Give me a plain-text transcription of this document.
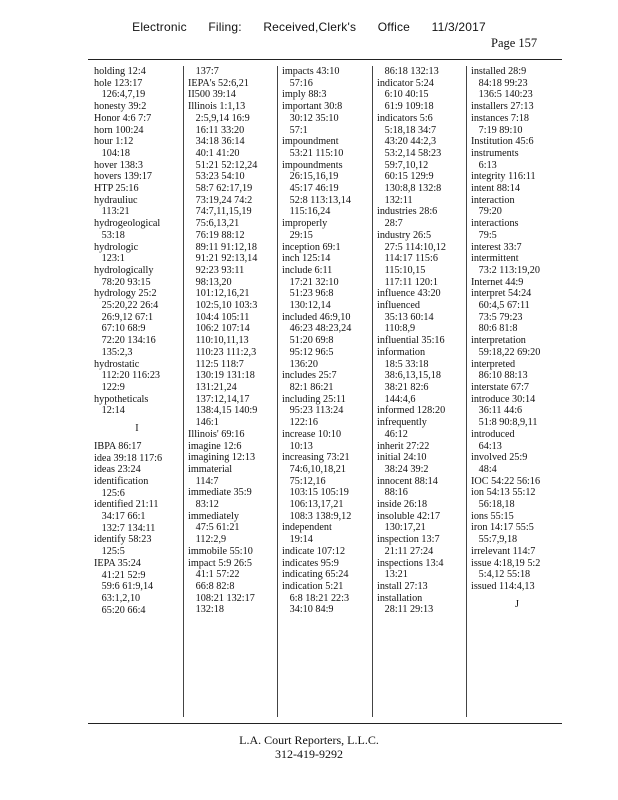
Electronic Filing: Received,Clerk's Office 11/3/2017
Page 157
holding 12:4
hole 123:17
126:4,7,19
honesty 39:2
Honor 4:6 7:7
horn 100:24
hour 1:12
104:18
hover 138:3
hovers 139:17
HTP 25:16
hydrauliuc
113:21
hydrogeological
53:18
hydrologic
123:1
hydrologically
78:20 93:15
hydrology 25:2
25:20,22 26:4
26:9,12 67:1
67:10 68:9
72:20 134:16
135:2,3
hydrostatic
112:20 116:23
122:9
hypotheticals
12:14
I
IBPA 86:17
idea 39:18 117:6
ideas 23:24
identification
125:6
identified 21:11
34:17 66:1
132:7 134:11
identify 58:23
125:5
IEPA 35:24
41:21 52:9
59:6 61:9,14
63:1,2,10
65:20 66:4
137:7
IEPA's 52:6,21
II500 39:14
Illinois 1:1,13
2:5,9,14 16:9
16:11 33:20
34:18 36:14
40:1 41:20
51:21 52:12,24
53:23 54:10
58:7 62:17,19
73:19,24 74:2
74:7,11,15,19
75:6,13,21
76:19 88:12
89:11 91:12,18
91:21 92:13,14
92:23 93:11
98:13,20
101:12,16,21
102:5,10 103:3
104:4 105:11
106:2 107:14
110:10,11,13
110:23 111:2,3
112:5 118:7
130:19 131:18
131:21,24
137:12,14,17
138:4,15 140:9
146:1
Illinois' 69:16
imagine 12:6
imagining 12:13
immaterial
114:7
immediate 35:9
83:12
immediately
47:5 61:21
112:2,9
immobile 55:10
impact 5:9 26:5
41:1 57:22
66:8 82:8
108:21 132:17
132:18
impacts 43:10
57:16
imply 88:3
important 30:8
30:12 35:10
57:1
impoundment
53:21 115:10
impoundments
26:15,16,19
45:17 46:19
52:8 113:13,14
115:16,24
improperly
29:15
inception 69:1
inch 125:14
include 6:11
17:21 32:10
51:23 96:8
130:12,14
included 46:9,10
46:23 48:23,24
51:20 69:8
95:12 96:5
136:20
includes 25:7
82:1 86:21
including 25:11
95:23 113:24
122:16
increase 10:10
10:13
increasing 73:21
74:6,10,18,21
75:12,16
103:15 105:19
106:13,17,21
108:3 138:9,12
independent
19:14
indicate 107:12
indicates 95:9
indicating 65:24
indication 5:21
6:8 18:21 22:3
34:10 84:9
86:18 132:13
indicator 5:24
6:10 40:15
61:9 109:18
indicators 5:6
5:18,18 34:7
43:20 44:2,3
53:2,14 58:23
59:7,10,12
60:15 129:9
130:8,8 132:8
132:11
industries 28:6
28:7
industry 26:5
27:5 114:10,12
114:17 115:6
115:10,15
117:11 120:1
influence 43:20
influenced
35:13 60:14
110:8,9
influential 35:16
information
18:5 33:18
38:6,13,15,18
38:21 82:6
144:4,6
informed 128:20
infrequently
46:12
inherit 27:22
initial 24:10
38:24 39:2
innocent 88:14
88:16
inside 26:18
insoluble 42:17
130:17,21
inspection 13:7
21:11 27:24
inspections 13:4
13:21
install 27:13
installation
28:11 29:13
installed 28:9
84:18 99:23
136:5 140:23
installers 27:13
instances 7:18
7:19 89:10
Institution 45:6
instruments
6:13
integrity 116:11
intent 88:14
interaction
79:20
interactions
79:5
interest 33:7
intermittent
73:2 113:19,20
Internet 44:9
interpret 54:24
60:4,5 67:11
73:5 79:23
80:6 81:8
interpretation
59:18,22 69:20
interpreted
86:10 88:13
interstate 67:7
introduce 30:14
36:11 44:6
51:8 90:8,9,11
introduced
64:13
involved 25:9
48:4
IOC 54:22 56:16
ion 54:13 55:12
56:18,18
ions 55:15
iron 14:17 55:5
55:7,9,18
irrelevant 114:7
issue 4:18,19 5:2
5:4,12 55:18
issued 114:4,13
J
L.A. Court Reporters, L.L.C.
312-419-9292
